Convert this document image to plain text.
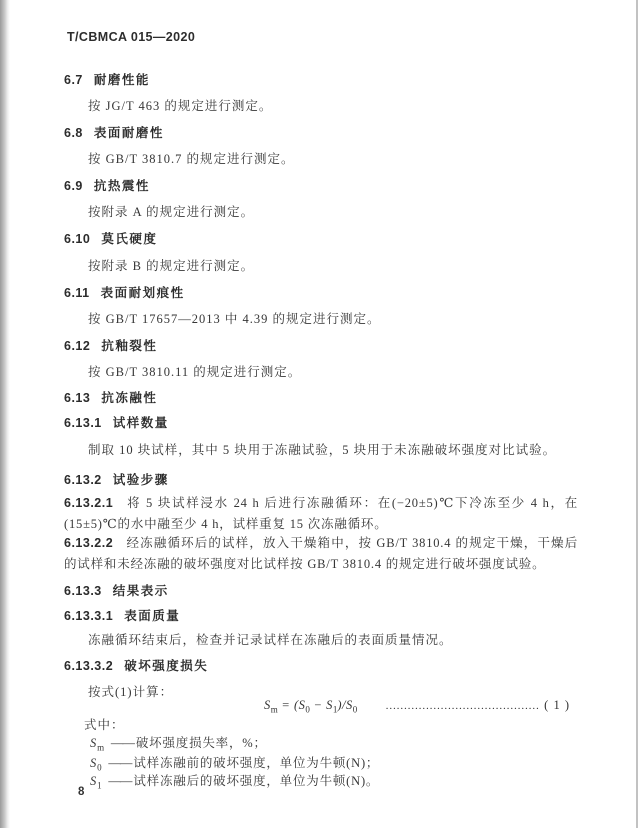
T/CBMCA 015—2020
6.7 耐磨性能
按 JG/T 463 的规定进行测定。
6.8 表面耐磨性
按 GB/T 3810.7 的规定进行测定。
6.9 抗热震性
按附录 A 的规定进行测定。
6.10 莫氏硬度
按附录 B 的规定进行测定。
6.11 表面耐划痕性
按 GB/T 17657—2013 中 4.39 的规定进行测定。
6.12 抗釉裂性
按 GB/T 3810.11 的规定进行测定。
6.13 抗冻融性
6.13.1 试样数量
制取 10 块试样，其中 5 块用于冻融试验，5 块用于未冻融破坏强度对比试验。
6.13.2 试验步骤
6.13.2.1 将 5 块试样浸水 24 h 后进行冻融循环：在(−20±5)℃下冷冻至少 4 h，在(15±5)℃的水中融至少 4 h，试样重复 15 次冻融循环。
6.13.2.2 经冻融循环后的试样，放入干燥箱中，按 GB/T 3810.4 的规定干燥，干燥后的试样和未经冻融的破坏强度对比试样按 GB/T 3810.4 的规定进行破坏强度试验。
6.13.3 结果表示
6.13.3.1 表面质量
冻融循环结束后，检查并记录试样在冻融后的表面质量情况。
6.13.3.2 破坏强度损失
按式(1)计算：
$S_m = (S_0 - S_1)/S_0$	…………………………………… ( 1 )
式中：
$S_m$ —— 破坏强度损失率，%；
$S_0$ —— 试样冻融前的破坏强度，单位为牛顿(N)；
$S_1$ —— 试样冻融后的破坏强度，单位为牛顿(N)。
8
